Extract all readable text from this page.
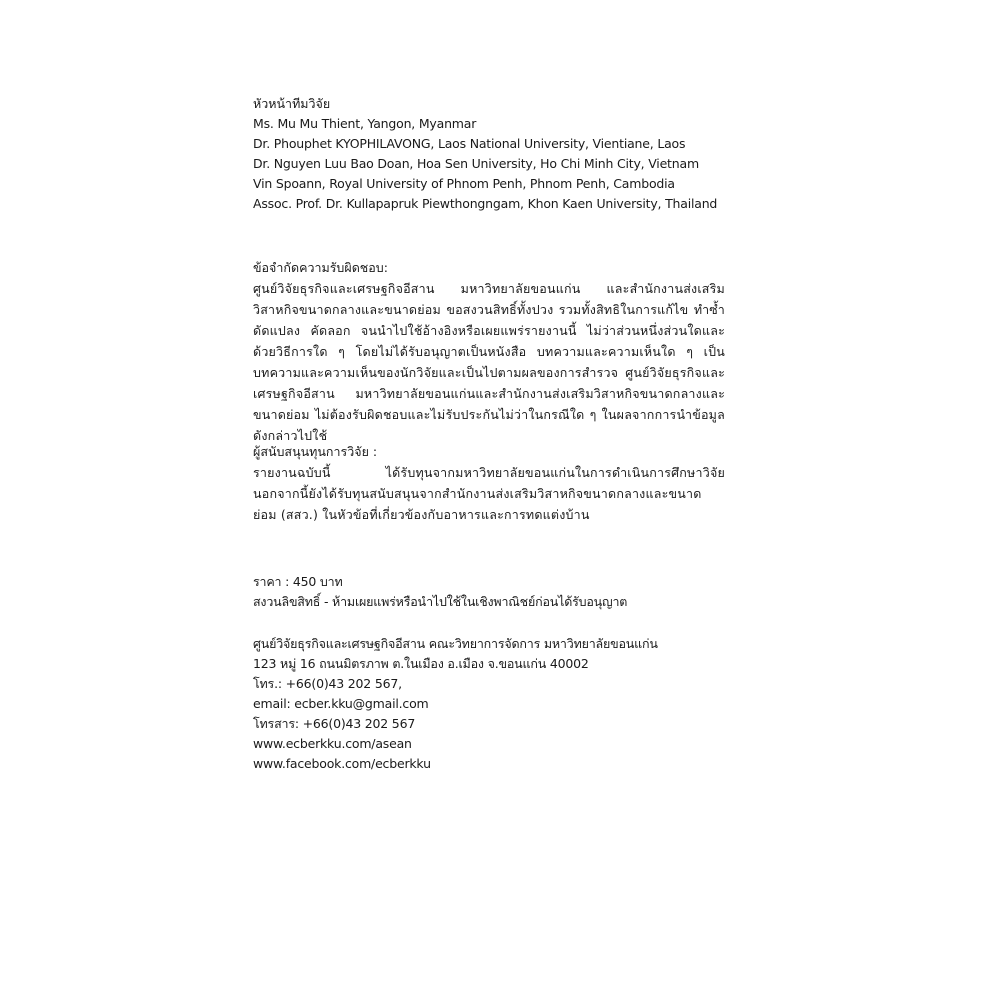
หัวหน้าทีมวิจัย
Ms. Mu Mu Thient, Yangon, Myanmar
Dr. Phouphet KYOPHILAVONG, Laos National University, Vientiane, Laos
Dr. Nguyen Luu Bao Doan, Hoa Sen University, Ho Chi Minh City, Vietnam
Vin Spoann, Royal University of Phnom Penh, Phnom Penh, Cambodia
Assoc. Prof. Dr. Kullapapruk Piewthongngam, Khon Kaen University, Thailand
ข้อจำกัดความรับผิดชอบ:
ศูนย์วิจัยธุรกิจและเศรษฐกิจอีสาน มหาวิทยาลัยขอนแก่น และสำนักงานส่งเสริมวิสาหกิจขนาดกลางและขนาดย่อม ขอสงวนสิทธิ์ทั้งปวง รวมทั้งสิทธิในการแก้ไข ทำซ้ำ ดัดแปลง คัดลอก จนนำไปใช้อ้างอิงหรือเผยแพร่รายงานนี้ ไม่ว่าส่วนหนึ่งส่วนใดและด้วยวิธีการใด ๆ โดยไม่ได้รับอนุญาตเป็นหนังสือ บทความและความเห็นใด ๆ เป็นบทความและความเห็นของนักวิจัยและเป็นไปตามผลของการสำรวจ ศูนย์วิจัยธุรกิจและเศรษฐกิจอีสาน มหาวิทยาลัยขอนแก่นและสำนักงานส่งเสริมวิสาหกิจขนาดกลางและขนาดย่อม ไม่ต้องรับผิดชอบและไม่รับประกันไม่ว่าในกรณีใด ๆ ในผลจากการนำข้อมูลดังกล่าวไปใช้
ผู้สนับสนุนทุนการวิจัย :
รายงานฉบับนี้ ได้รับทุนจากมหาวิทยาลัยขอนแก่นในการดำเนินการศึกษาวิจัย นอกจากนี้ยังได้รับทุนสนับสนุนจากสำนักงานส่งเสริมวิสาหกิจขนาดกลางและขนาดย่อม (สสว.) ในหัวข้อที่เกี่ยวข้องกับอาหารและการทดแต่งบ้าน
ราคา : 450 บาท
สงวนลิขสิทธิ์ - ห้ามเผยแพร่หรือนำไปใช้ในเชิงพาณิชย์ก่อนได้รับอนุญาต
ศูนย์วิจัยธุรกิจและเศรษฐกิจอีสาน คณะวิทยาการจัดการ มหาวิทยาลัยขอนแก่น
123 หมู่ 16 ถนนมิตรภาพ ต.ในเมือง อ.เมือง จ.ขอนแก่น 40002
โทร.: +66(0)43 202 567,
email: ecber.kku@gmail.com
โทรสาร: +66(0)43 202 567
www.ecberkku.com/asean
www.facebook.com/ecberkku
